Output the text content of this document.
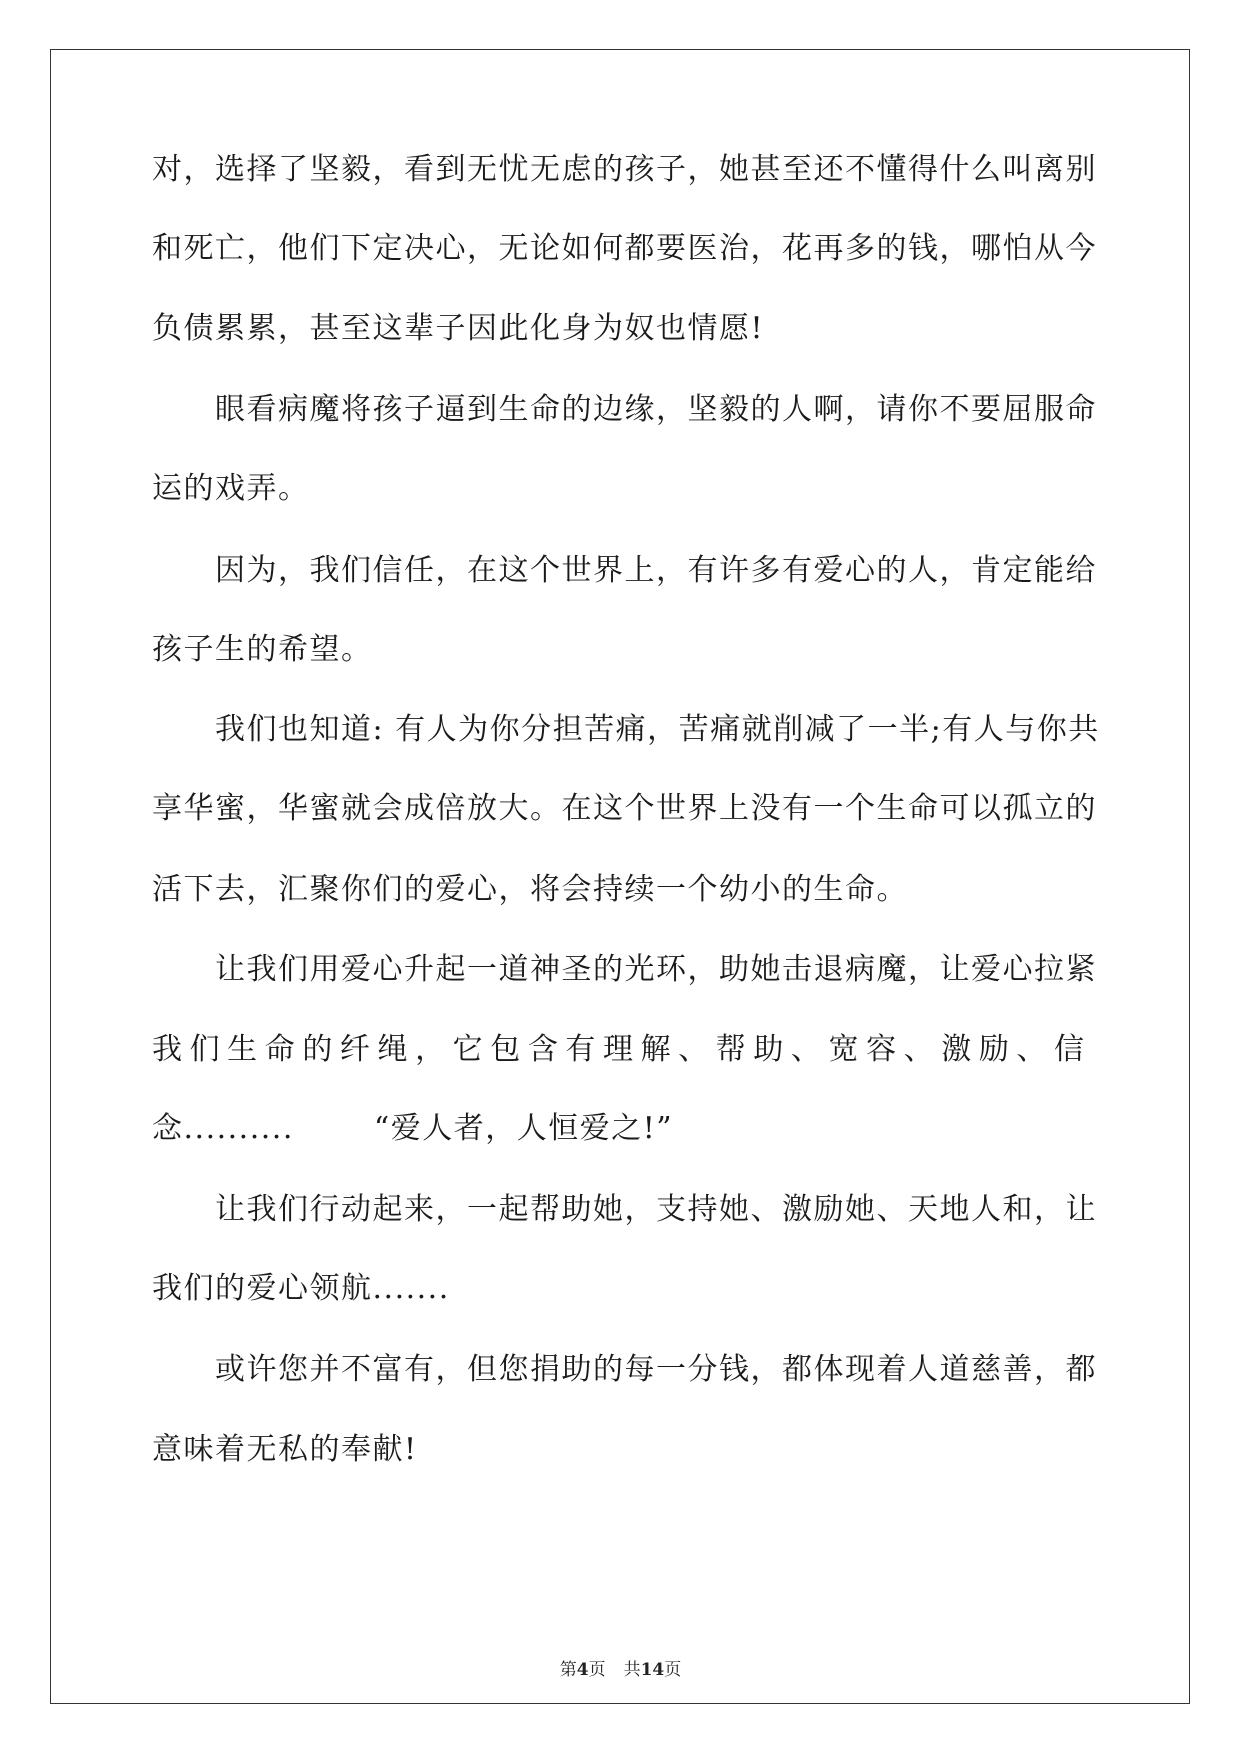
对，选择了坚毅，看到无忧无虑的孩子，她甚至还不懂得什么叫离别
和死亡，他们下定决心，无论如何都要医治，花再多的钱，哪怕从今
负债累累，甚至这辈子因此化身为奴也情愿!
眼看病魔将孩子逼到生命的边缘，坚毅的人啊，请你不要屈服命
运的戏弄。
因为，我们信任，在这个世界上，有许多有爱心的人，肯定能给
孩子生的希望。
我们也知道: 有人为你分担苦痛，苦痛就削减了一半;有人与你共
享华蜜，华蜜就会成倍放大。在这个世界上没有一个生命可以孤立的
活下去，汇聚你们的爱心，将会持续一个幼小的生命。
让我们用爱心升起一道神圣的光环，助她击退病魔，让爱心拉紧
我们生命的纤绳，它包含有理解、帮助、宽容、激励、信
念..........	“爱人者，人恒爱之!”
让我们行动起来，一起帮助她，支持她、激励她、天地人和，让
我们的爱心领航.......
或许您并不富有，但您捐助的每一分钱，都体现着人道慈善，都
意味着无私的奉献!
第4页 共14页
